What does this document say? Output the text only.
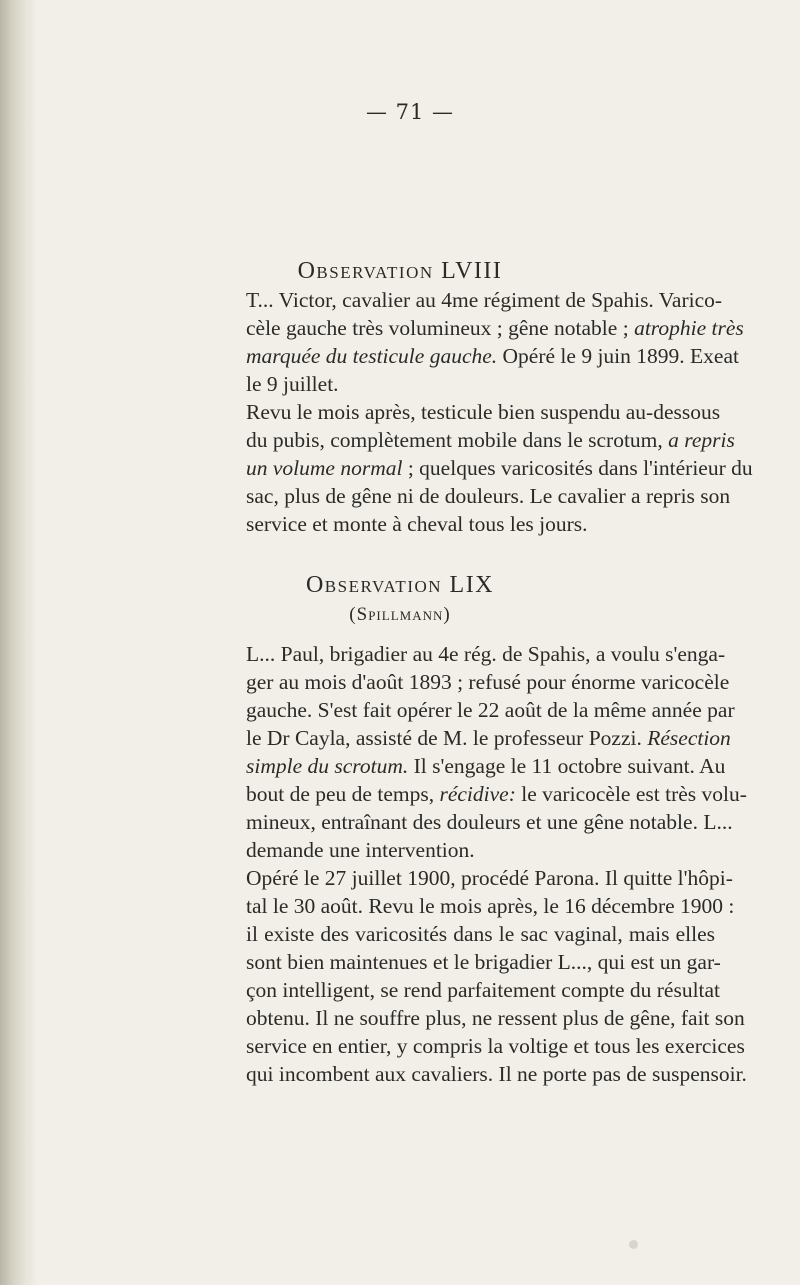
— 71 —
Observation LVIII
T... Victor, cavalier au 4me régiment de Spahis. Varico-
cèle gauche très volumineux ; gêne notable ; atrophie très
marquée du testicule gauche. Opéré le 9 juin 1899. Exeat
le 9 juillet.
Revu le mois après, testicule bien suspendu au-dessous
du pubis, complètement mobile dans le scrotum, a repris
un volume normal ; quelques varicosités dans l'intérieur du
sac, plus de gêne ni de douleurs. Le cavalier a repris son
service et monte à cheval tous les jours.
Observation LIX
(Spillmann)
L... Paul, brigadier au 4e rég. de Spahis, a voulu s'enga-
ger au mois d'août 1893 ; refusé pour énorme varicocèle
gauche. S'est fait opérer le 22 août de la même année par
le Dr Cayla, assisté de M. le professeur Pozzi. Résection
simple du scrotum. Il s'engage le 11 octobre suivant. Au
bout de peu de temps, récidive: le varicocèle est très volu-
mineux, entraînant des douleurs et une gêne notable. L...
demande une intervention.
Opéré le 27 juillet 1900, procédé Parona. Il quitte l'hôpi-
tal le 30 août. Revu le mois après, le 16 décembre 1900 :
il existe des varicosités dans le sac vaginal, mais elles
sont bien maintenues et le brigadier L..., qui est un gar-
çon intelligent, se rend parfaitement compte du résultat
obtenu. Il ne souffre plus, ne ressent plus de gêne, fait son
service en entier, y compris la voltige et tous les exercices
qui incombent aux cavaliers. Il ne porte pas de suspensoir.
